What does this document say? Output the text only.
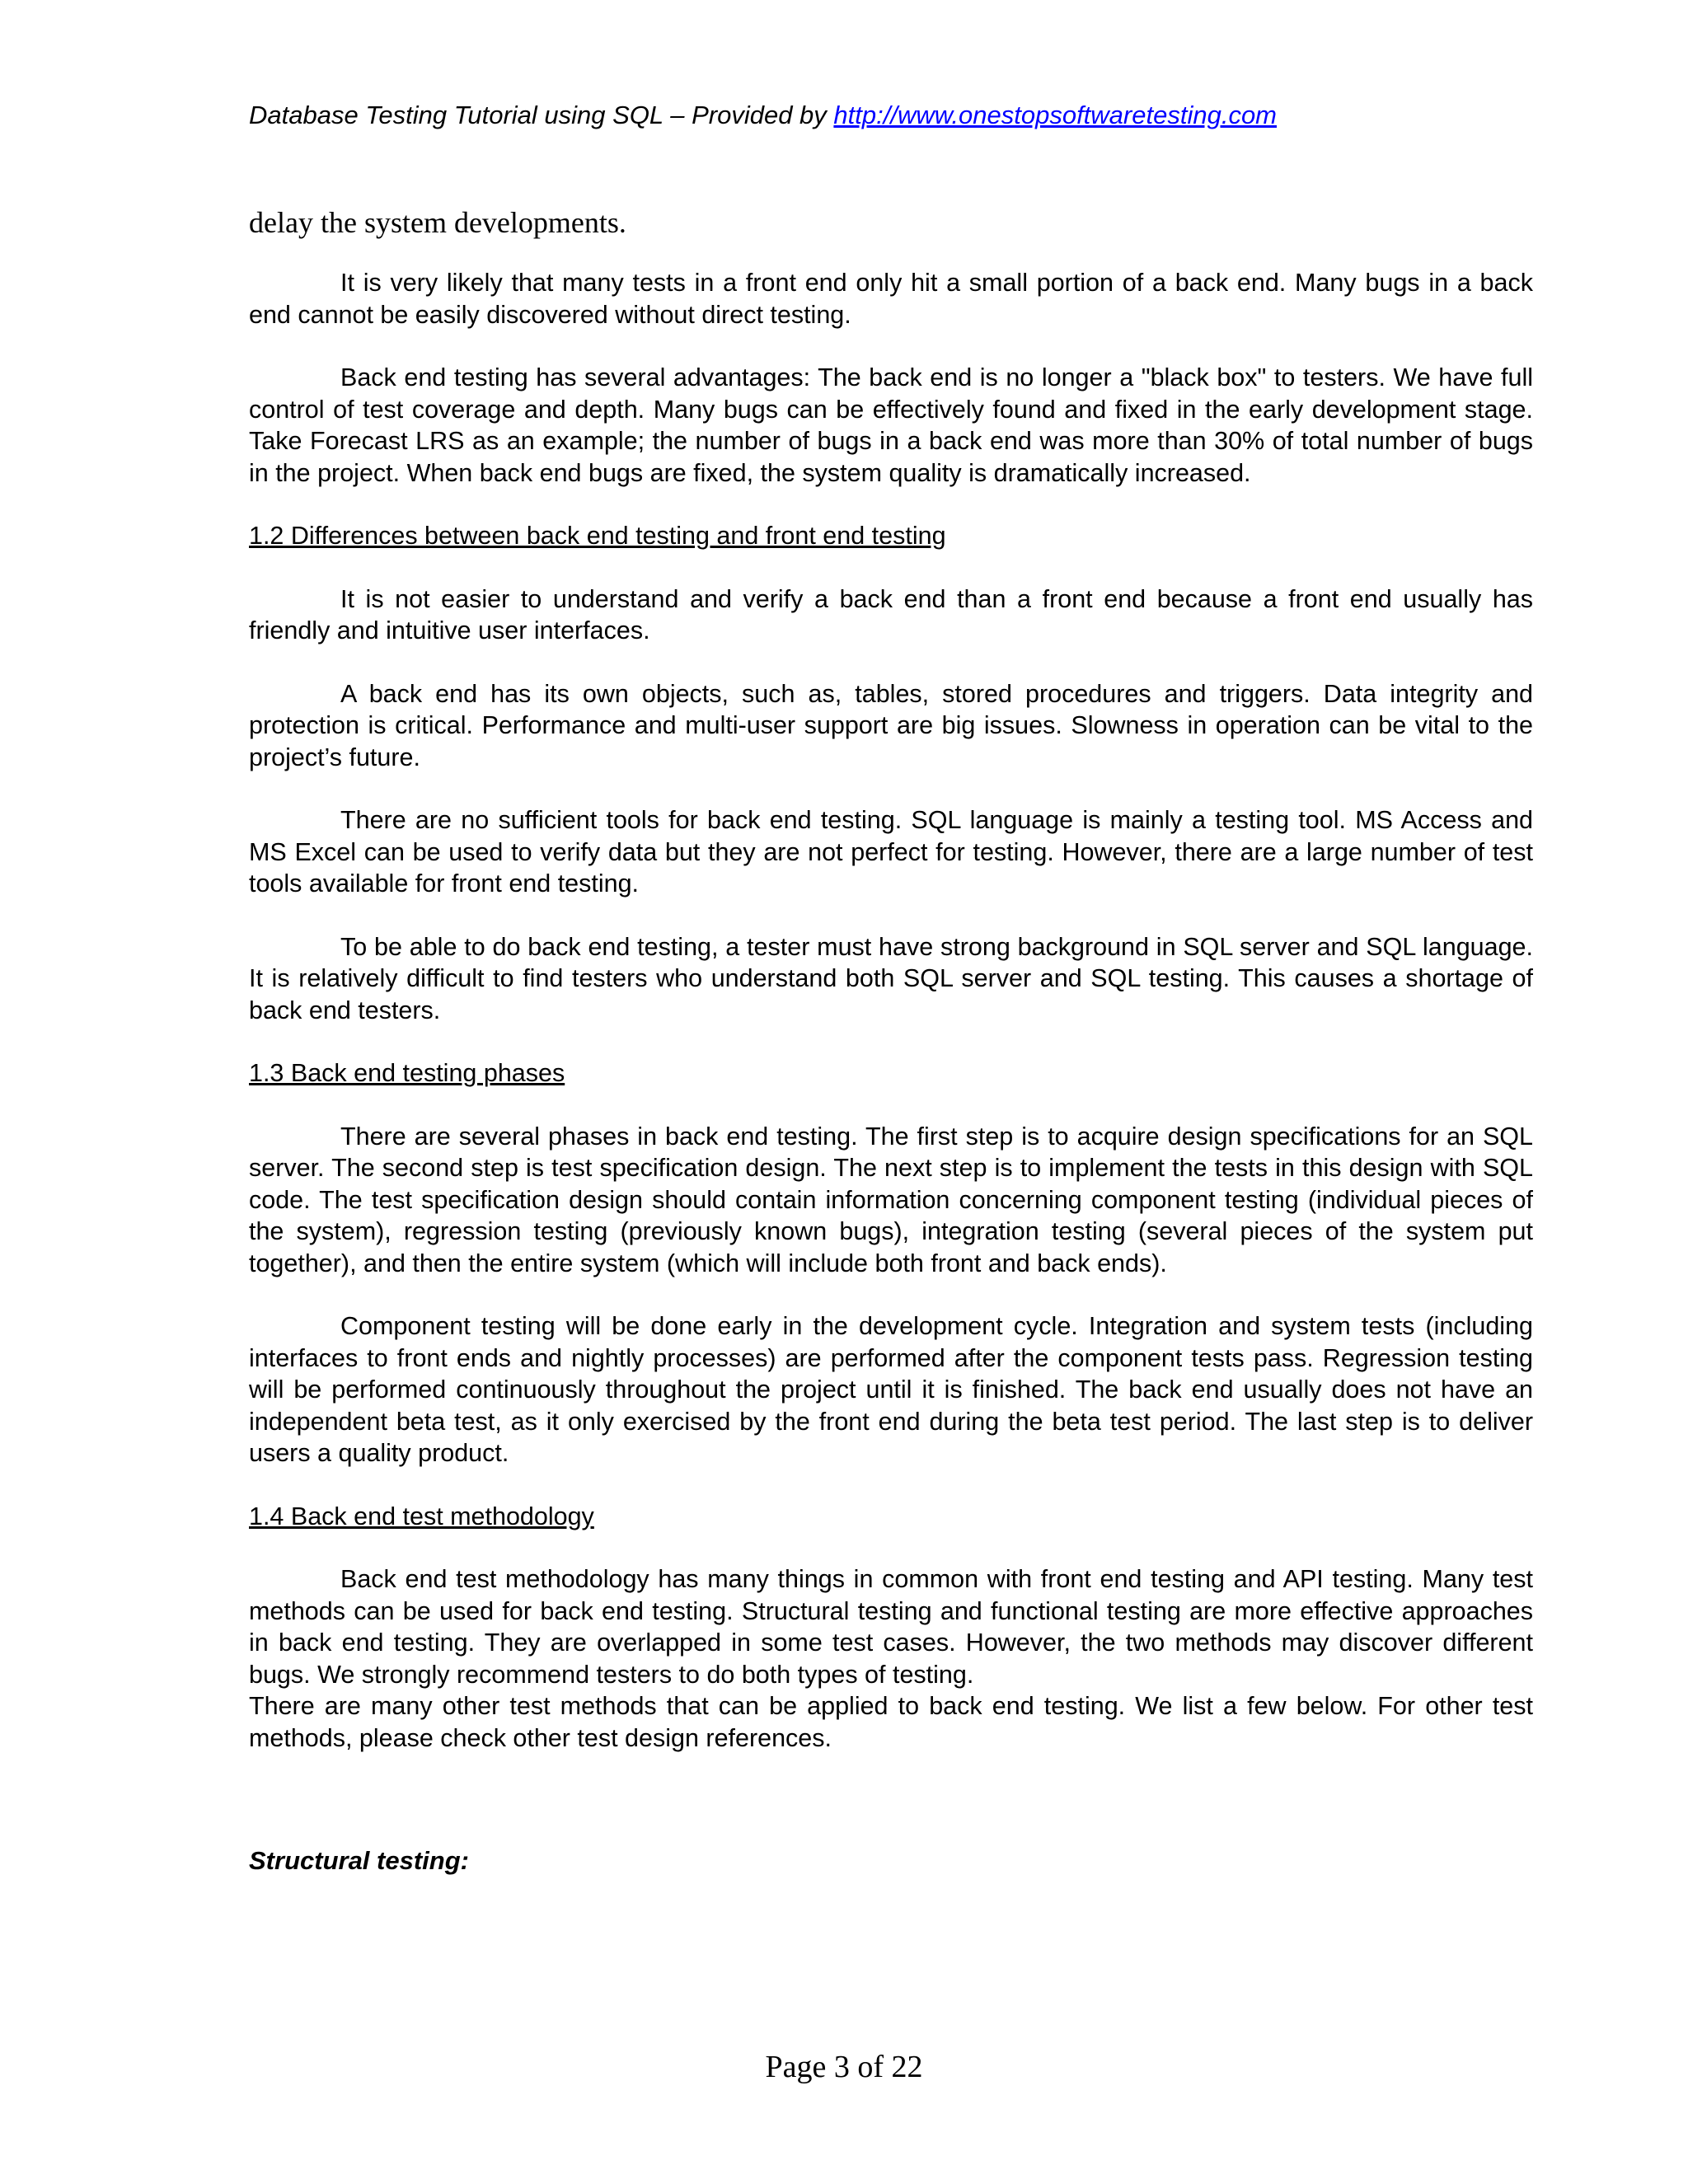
Database Testing Tutorial using SQL – Provided by http://www.onestopsoftwaretesting.com
delay the system developments.

It is very likely that many tests in a front end only hit a small portion of a back end. Many bugs in a back end cannot be easily discovered without direct testing.

Back end testing has several advantages: The back end is no longer a "black box" to testers. We have full control of test coverage and depth. Many bugs can be effectively found and fixed in the early development stage. Take Forecast LRS as an example; the number of bugs in a back end was more than 30% of total number of bugs in the project. When back end bugs are fixed, the system quality is dramatically increased.

1.2 Differences between back end testing and front end testing

It is not easier to understand and verify a back end than a front end because a front end usually has friendly and intuitive user interfaces.

A back end has its own objects, such as, tables, stored procedures and triggers. Data integrity and protection is critical. Performance and multi-user support are big issues. Slowness in operation can be vital to the project’s future.

There are no sufficient tools for back end testing. SQL language is mainly a testing tool. MS Access and MS Excel can be used to verify data but they are not perfect for testing. However, there are a large number of test tools available for front end testing.

To be able to do back end testing, a tester must have strong background in SQL server and SQL language. It is relatively difficult to find testers who understand both SQL server and SQL testing. This causes a shortage of back end testers.

1.3 Back end testing phases

There are several phases in back end testing. The first step is to acquire design specifications for an SQL server. The second step is test specification design. The next step is to implement the tests in this design with SQL code. The test specification design should contain information concerning component testing (individual pieces of the system), regression testing (previously known bugs), integration testing (several pieces of the system put together), and then the entire system (which will include both front and back ends).

Component testing will be done early in the development cycle. Integration and system tests (including interfaces to front ends and nightly processes) are performed after the component tests pass. Regression testing will be performed continuously throughout the project until it is finished. The back end usually does not have an independent beta test, as it only exercised by the front end during the beta test period. The last step is to deliver users a quality product.

1.4 Back end test methodology

Back end test methodology has many things in common with front end testing and API testing. Many test methods can be used for back end testing. Structural testing and functional testing are more effective approaches in back end testing. They are overlapped in some test cases. However, the two methods may discover different bugs. We strongly recommend testers to do both types of testing.

There are many other test methods that can be applied to back end testing. We list a few below. For other test methods, please check other test design references.

Structural testing:
Page 3 of 22
